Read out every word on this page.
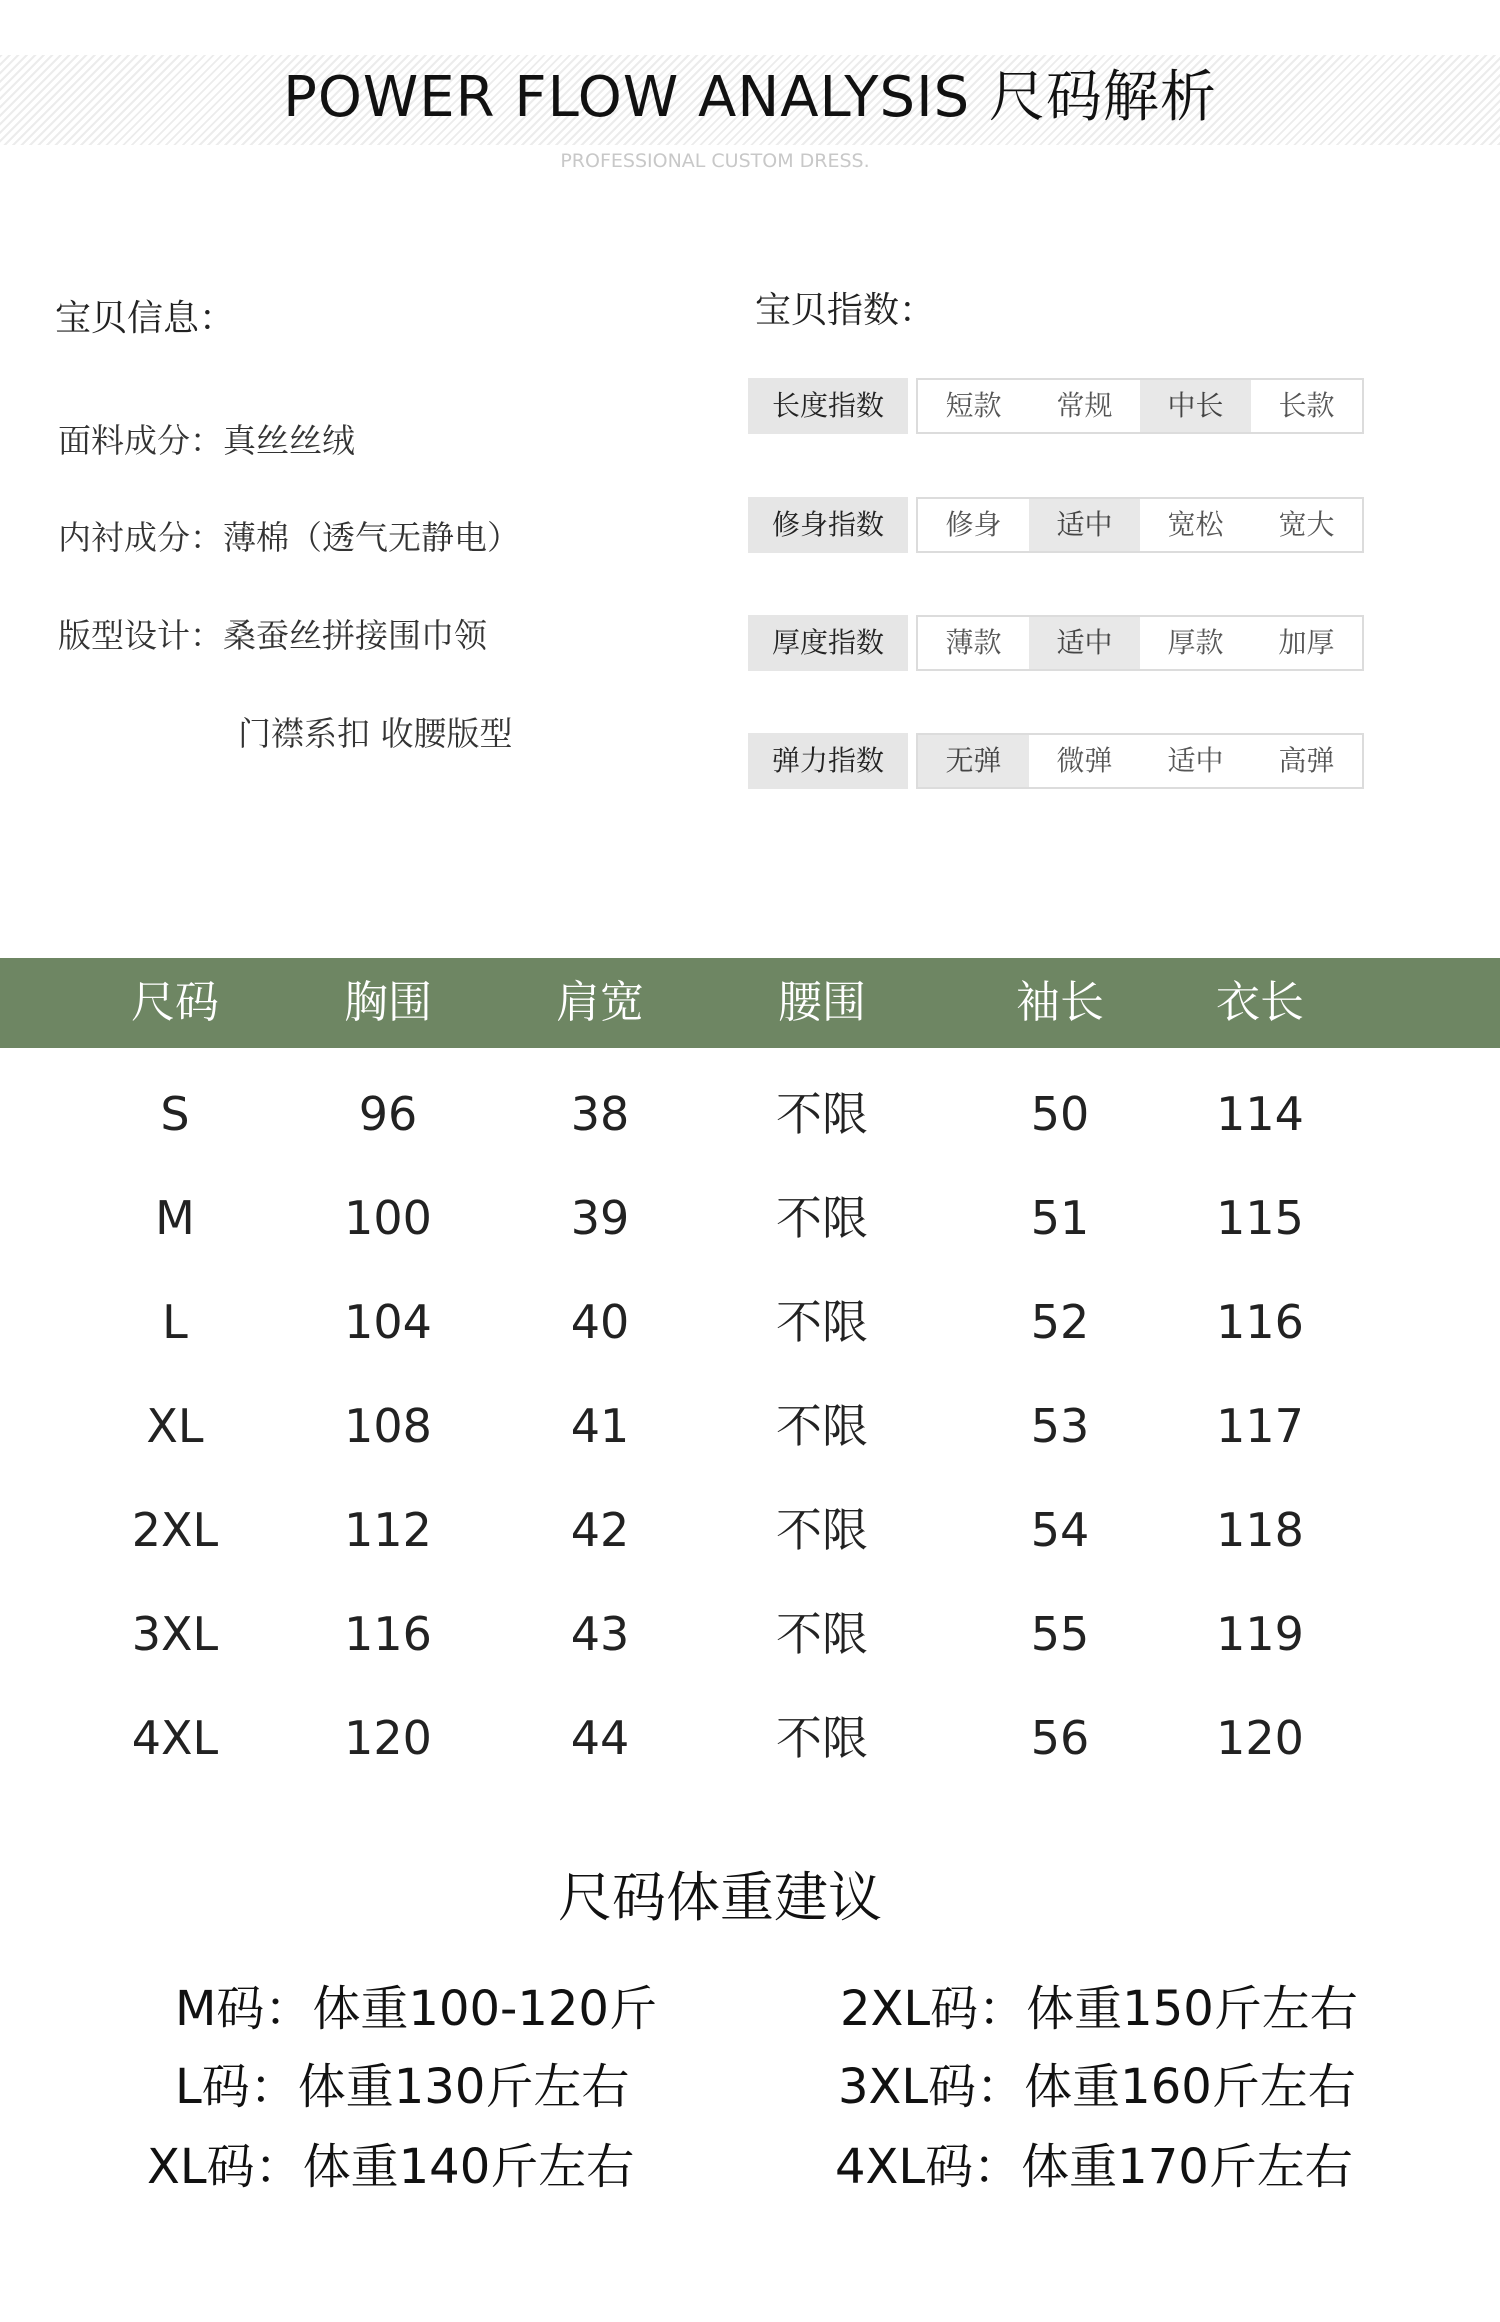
POWER FLOW ANALYSIS 尺码解析
PROFESSIONAL CUSTOM DRESS.
宝贝信息：
面料成分：真丝丝绒
内衬成分：薄棉（透气无静电）
版型设计：桑蚕丝拼接围巾领
门襟系扣 收腰版型
宝贝指数：
长度指数	短款	常规	中长	长款
修身指数	修身	适中	宽松	宽大
厚度指数	薄款	适中	厚款	加厚
弹力指数	无弹	微弹	适中	高弹
尺码	胸围	肩宽	腰围	袖长	衣长
S	96	38	不限	50	114
M	100	39	不限	51	115
L	104	40	不限	52	116
XL	108	41	不限	53	117
2XL	112	42	不限	54	118
3XL	116	43	不限	55	119
4XL	120	44	不限	56	120
尺码体重建议
M码：体重100-120斤
L码：体重130斤左右
XL码：体重140斤左右
2XL码：体重150斤左右
3XL码：体重160斤左右
4XL码：体重170斤左右
